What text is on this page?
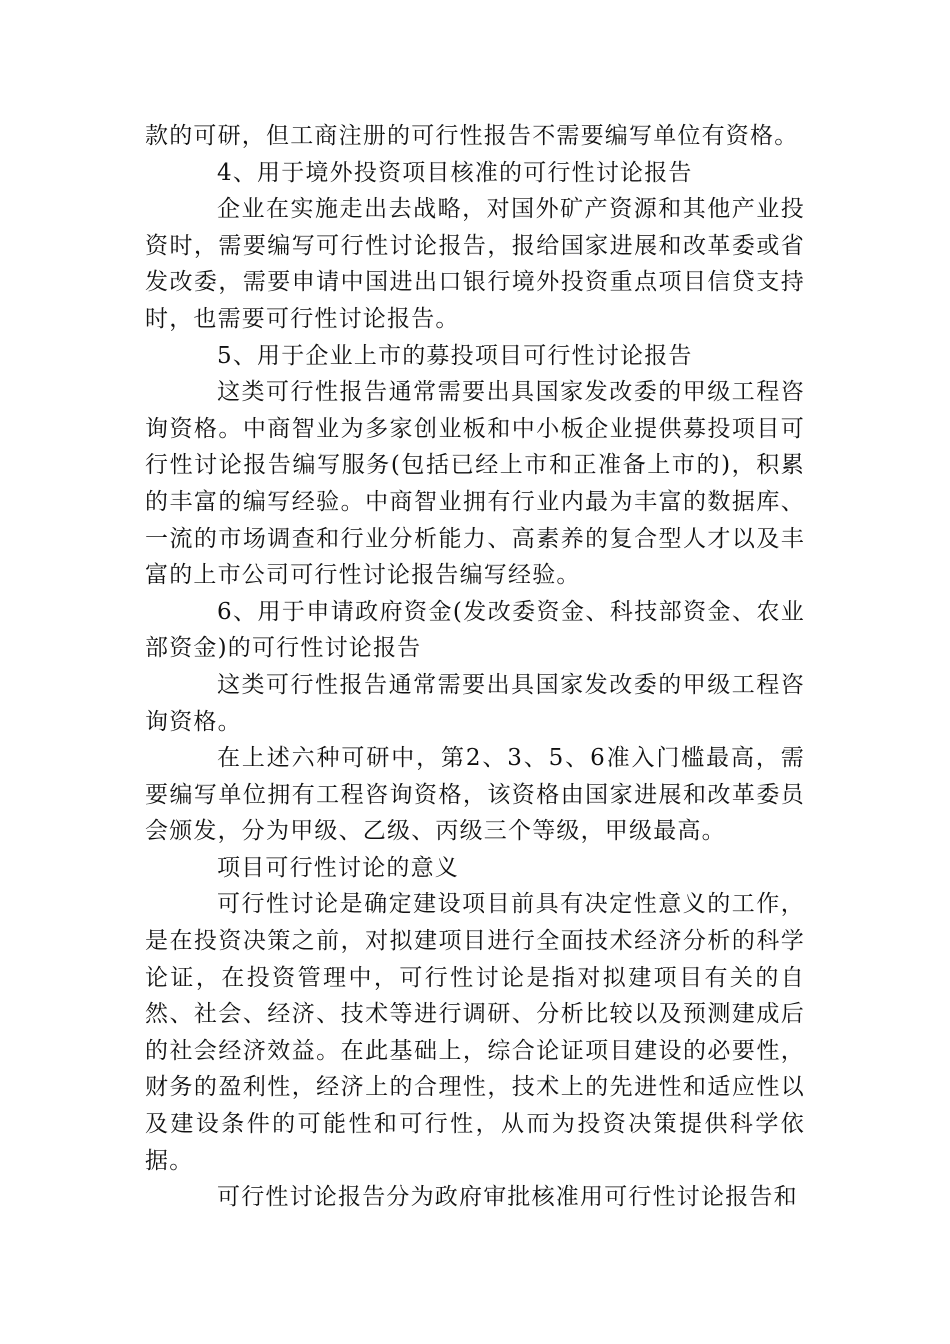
款的可研，但工商注册的可行性报告不需要编写单位有资格。

4、用于境外投资项目核准的可行性讨论报告

企业在实施走出去战略，对国外矿产资源和其他产业投资时，需要编写可行性讨论报告，报给国家进展和改革委或省发改委，需要申请中国进出口银行境外投资重点项目信贷支持时，也需要可行性讨论报告。

5、用于企业上市的募投项目可行性讨论报告

这类可行性报告通常需要出具国家发改委的甲级工程咨询资格。中商智业为多家创业板和中小板企业提供募投项目可行性讨论报告编写服务(包括已经上市和正准备上市的)，积累的丰富的编写经验。中商智业拥有行业内最为丰富的数据库、一流的市场调查和行业分析能力、高素养的复合型人才以及丰富的上市公司可行性讨论报告编写经验。

6、用于申请政府资金(发改委资金、科技部资金、农业部资金)的可行性讨论报告

这类可行性报告通常需要出具国家发改委的甲级工程咨询资格。

在上述六种可研中，第2、3、5、6准入门槛最高，需要编写单位拥有工程咨询资格，该资格由国家进展和改革委员会颁发，分为甲级、乙级、丙级三个等级，甲级最高。

项目可行性讨论的意义

可行性讨论是确定建设项目前具有决定性意义的工作，是在投资决策之前，对拟建项目进行全面技术经济分析的科学论证，在投资管理中，可行性讨论是指对拟建项目有关的自然、社会、经济、技术等进行调研、分析比较以及预测建成后的社会经济效益。在此基础上，综合论证项目建设的必要性，财务的盈利性，经济上的合理性，技术上的先进性和适应性以及建设条件的可能性和可行性，从而为投资决策提供科学依据。

可行性讨论报告分为政府审批核准用可行性讨论报告和
